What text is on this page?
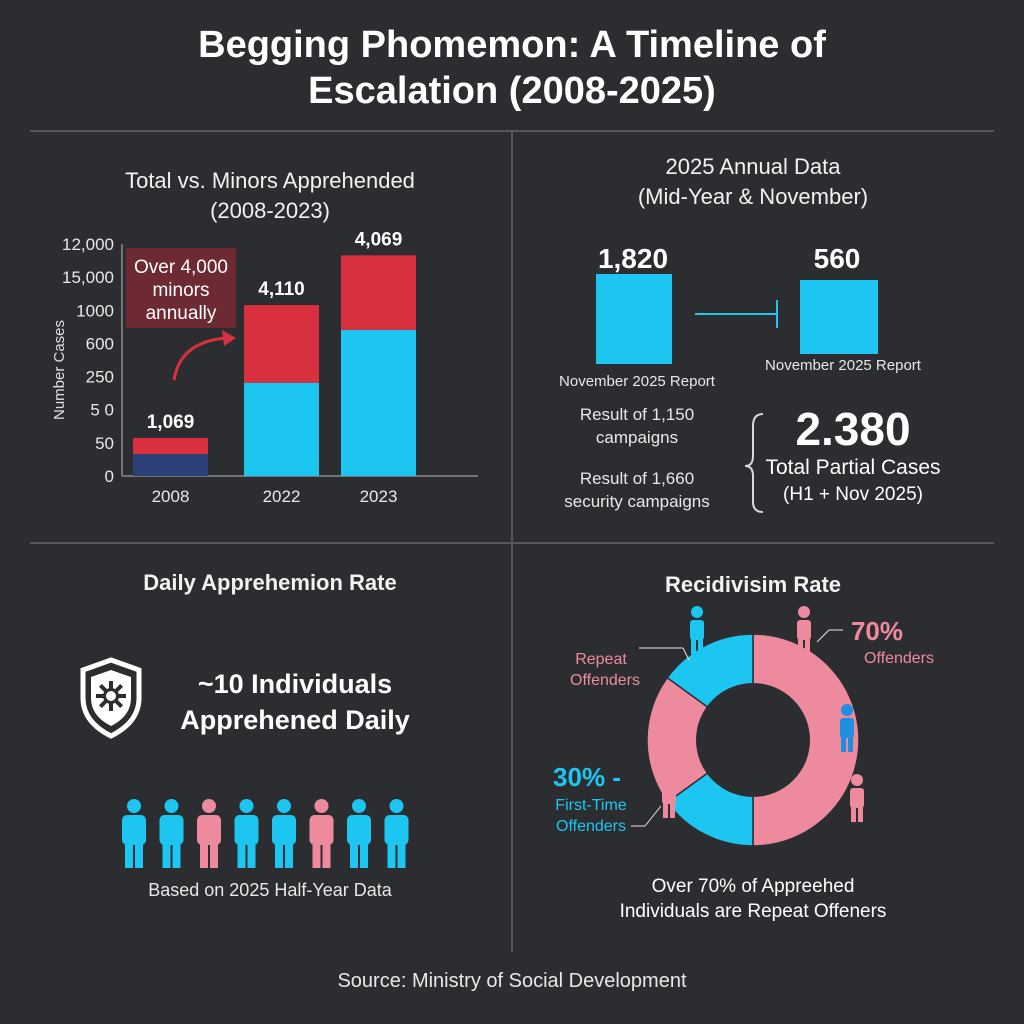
Begging Phomemon: A Timeline of
Escalation (2008-2025)
Total vs. Minors Apprehended
(2008-2023)
Number Cases
0
50
5 0
250
600
1000
15,000
12,000
1,069
4,110
4,069
2008	2022	2023
Over 4,000
minors
annually
2025 Annual Data
(Mid-Year & November)
1,820
November 2025 Report
560
November 2025 Report
Result of 1,150
campaigns
Result of 1,660
security campaigns
2.380
Total Partial Cases
(H1 + Nov 2025)
Daily Apprehemion Rate
~10 Individuals
Apprehened Daily
Based on 2025 Half-Year Data
Recidivisim Rate
Repeat
Offenders
70%
Offenders
30% -
First-Time
Offenders
Over 70% of Appreehed
Individuals are Repeat Offeners
Source: Ministry of Social Development
